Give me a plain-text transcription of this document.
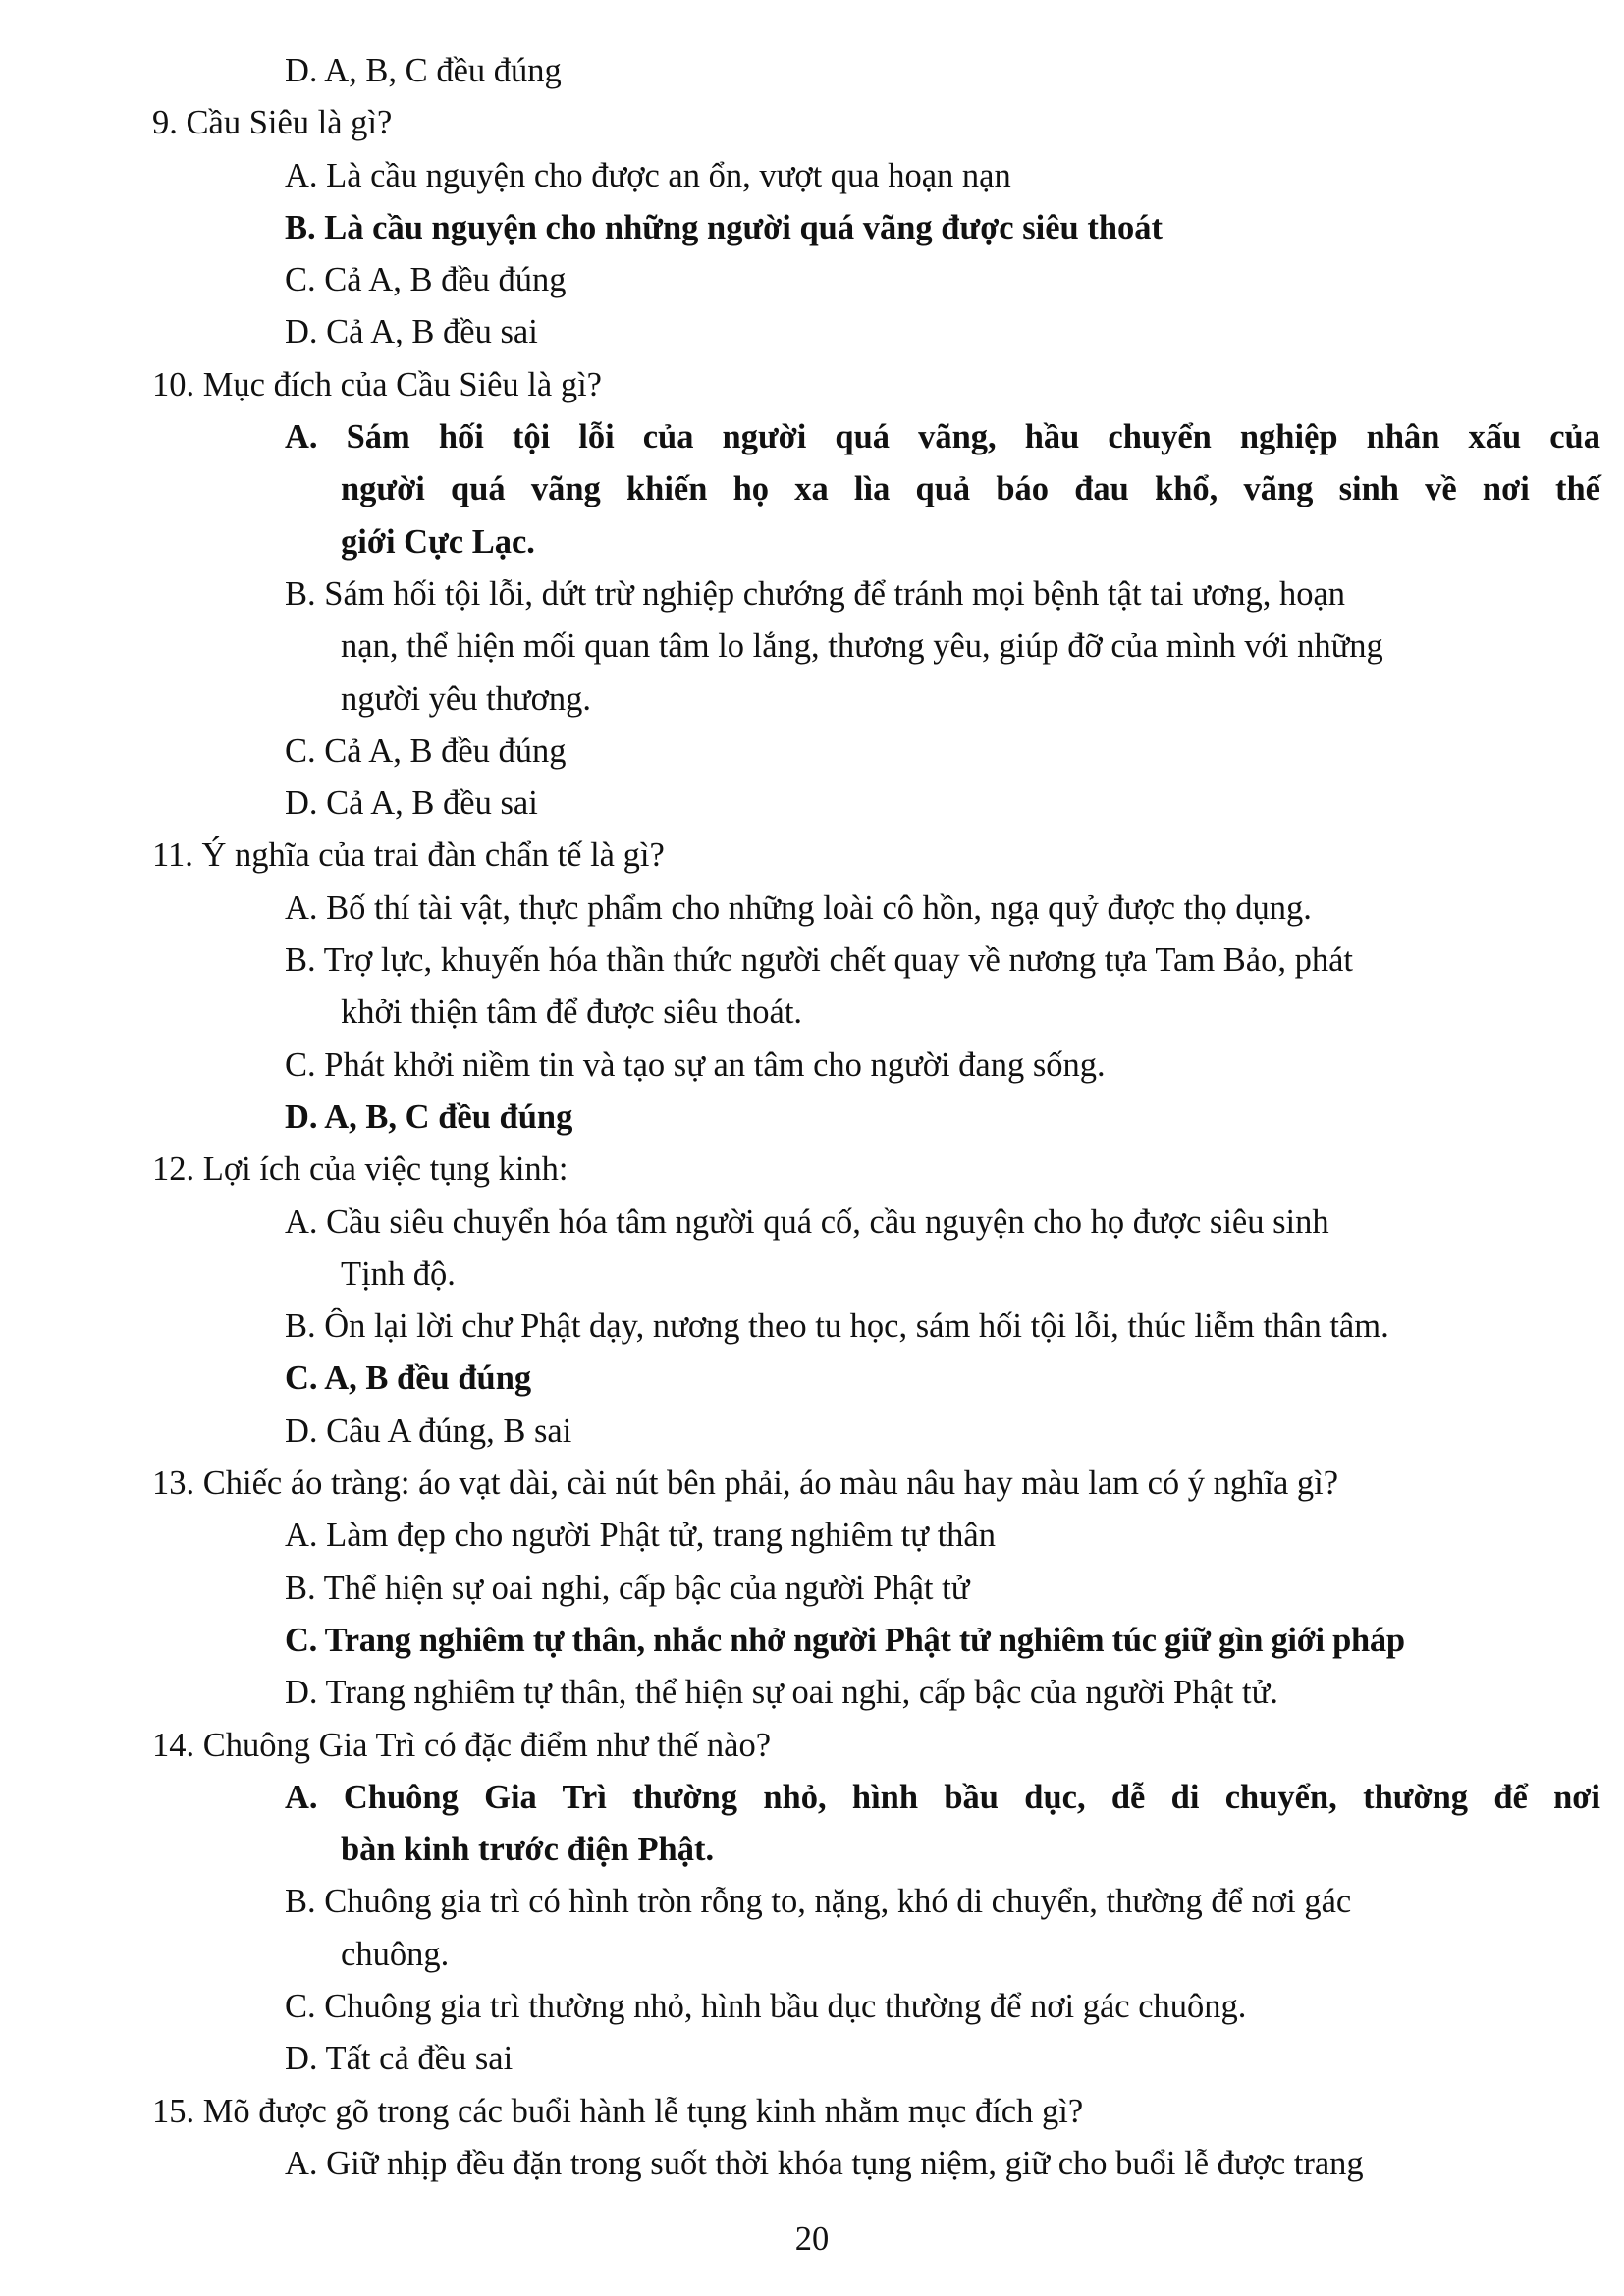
D. A, B, C đều đúng
9. Cầu Siêu là gì?
A. Là cầu nguyện cho được an ổn, vượt qua hoạn nạn
B. Là cầu nguyện cho những người quá vãng được siêu thoát
C. Cả A, B đều đúng
D. Cả A, B đều sai
10. Mục đích của Cầu Siêu là gì?
A. Sám hối tội lỗi của người quá vãng, hầu chuyển nghiệp nhân xấu của
người quá vãng khiến họ xa lìa quả báo đau khổ, vãng sinh về nơi thế
giới Cực Lạc.
B. Sám hối tội lỗi, dứt trừ nghiệp chướng để tránh mọi bệnh tật tai ương, hoạn
nạn, thể hiện mối quan tâm lo lắng, thương yêu, giúp đỡ của mình với những
người yêu thương.
C. Cả A, B đều đúng
D. Cả A, B đều sai
11. Ý nghĩa của trai đàn chẩn tế là gì?
A. Bố thí tài vật, thực phẩm cho những loài cô hồn, ngạ quỷ được thọ dụng.
B. Trợ lực, khuyến hóa thần thức người chết quay về nương tựa Tam Bảo, phát
khởi thiện tâm để được siêu thoát.
C. Phát khởi niềm tin và tạo sự an tâm cho người đang sống.
D. A, B, C đều đúng
12. Lợi ích của việc tụng kinh:
A. Cầu siêu chuyển hóa tâm người quá cố, cầu nguyện cho họ được siêu sinh
Tịnh độ.
B. Ôn lại lời chư Phật dạy, nương theo tu học, sám hối tội lỗi, thúc liễm thân tâm.
C. A, B đều đúng
D. Câu A đúng, B sai
13. Chiếc áo tràng: áo vạt dài, cài nút bên phải, áo màu nâu hay màu lam có ý nghĩa gì?
A. Làm đẹp cho người Phật tử, trang nghiêm tự thân
B. Thể hiện sự oai nghi, cấp bậc của người Phật tử
C. Trang nghiêm tự thân, nhắc nhở người Phật tử nghiêm túc giữ gìn giới pháp
D. Trang nghiêm tự thân, thể hiện sự oai nghi, cấp bậc của người Phật tử.
14. Chuông Gia Trì có đặc điểm như thế nào?
A. Chuông Gia Trì thường nhỏ, hình bầu dục, dễ di chuyển, thường để nơi
bàn kinh trước điện Phật.
B. Chuông gia trì có hình tròn rỗng to, nặng, khó di chuyển, thường để nơi gác
chuông.
C. Chuông gia trì thường nhỏ, hình bầu dục thường để nơi gác chuông.
D. Tất cả đều sai
15. Mõ được gõ trong các buổi hành lễ tụng kinh nhằm mục đích gì?
A. Giữ nhịp đều đặn trong suốt thời khóa tụng niệm, giữ cho buổi lễ được trang
20
